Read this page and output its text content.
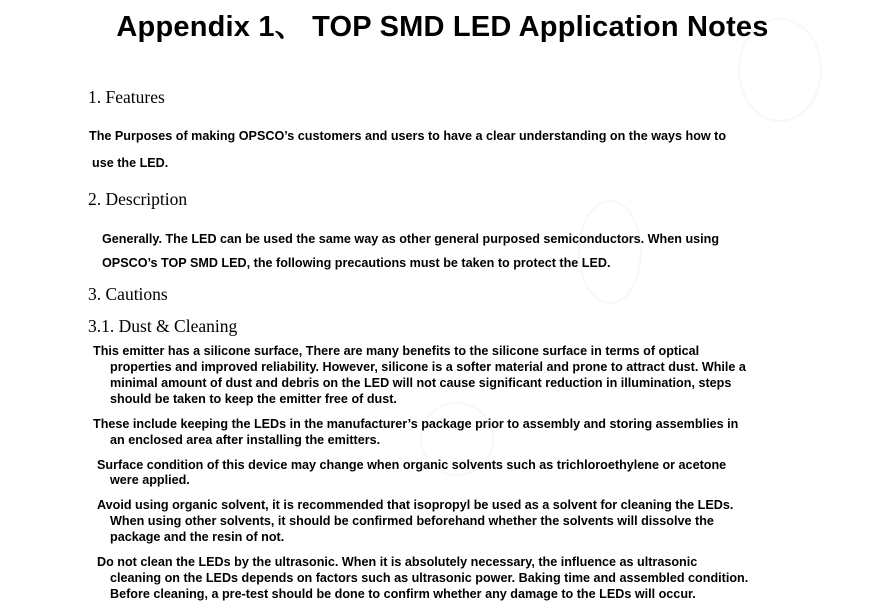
Appendix 1、 TOP SMD LED Application Notes
1. Features
The Purposes of making OPSCO’s customers and users to have a clear understanding on the ways how to
use the LED.
2. Description
Generally. The LED can be used the same way as other general purposed semiconductors. When using
OPSCO’s TOP SMD LED, the following precautions must be taken to protect the LED.
3. Cautions
3.1. Dust & Cleaning
This emitter has a silicone surface, There are many benefits to the silicone surface in terms of optical
properties and improved reliability. However, silicone is a softer material and prone to attract dust. While a
minimal amount of dust and debris on the LED will not cause significant reduction in illumination, steps
should be taken to keep the emitter free of dust.
These include keeping the LEDs in the manufacturer’s package prior to assembly and storing assemblies in
an enclosed area after installing the emitters.
Surface condition of this device may change when organic solvents such as trichloroethylene or acetone
were applied.
Avoid using organic solvent, it is recommended that isopropyl be used as a solvent for cleaning the LEDs.
When using other solvents, it should be confirmed beforehand whether the solvents will dissolve the
package and the resin of not.
Do not clean the LEDs by the ultrasonic. When it is absolutely necessary, the influence as ultrasonic
cleaning on the LEDs depends on factors such as ultrasonic power. Baking time and assembled condition.
Before cleaning, a pre-test should be done to confirm whether any damage to the LEDs will occur.
